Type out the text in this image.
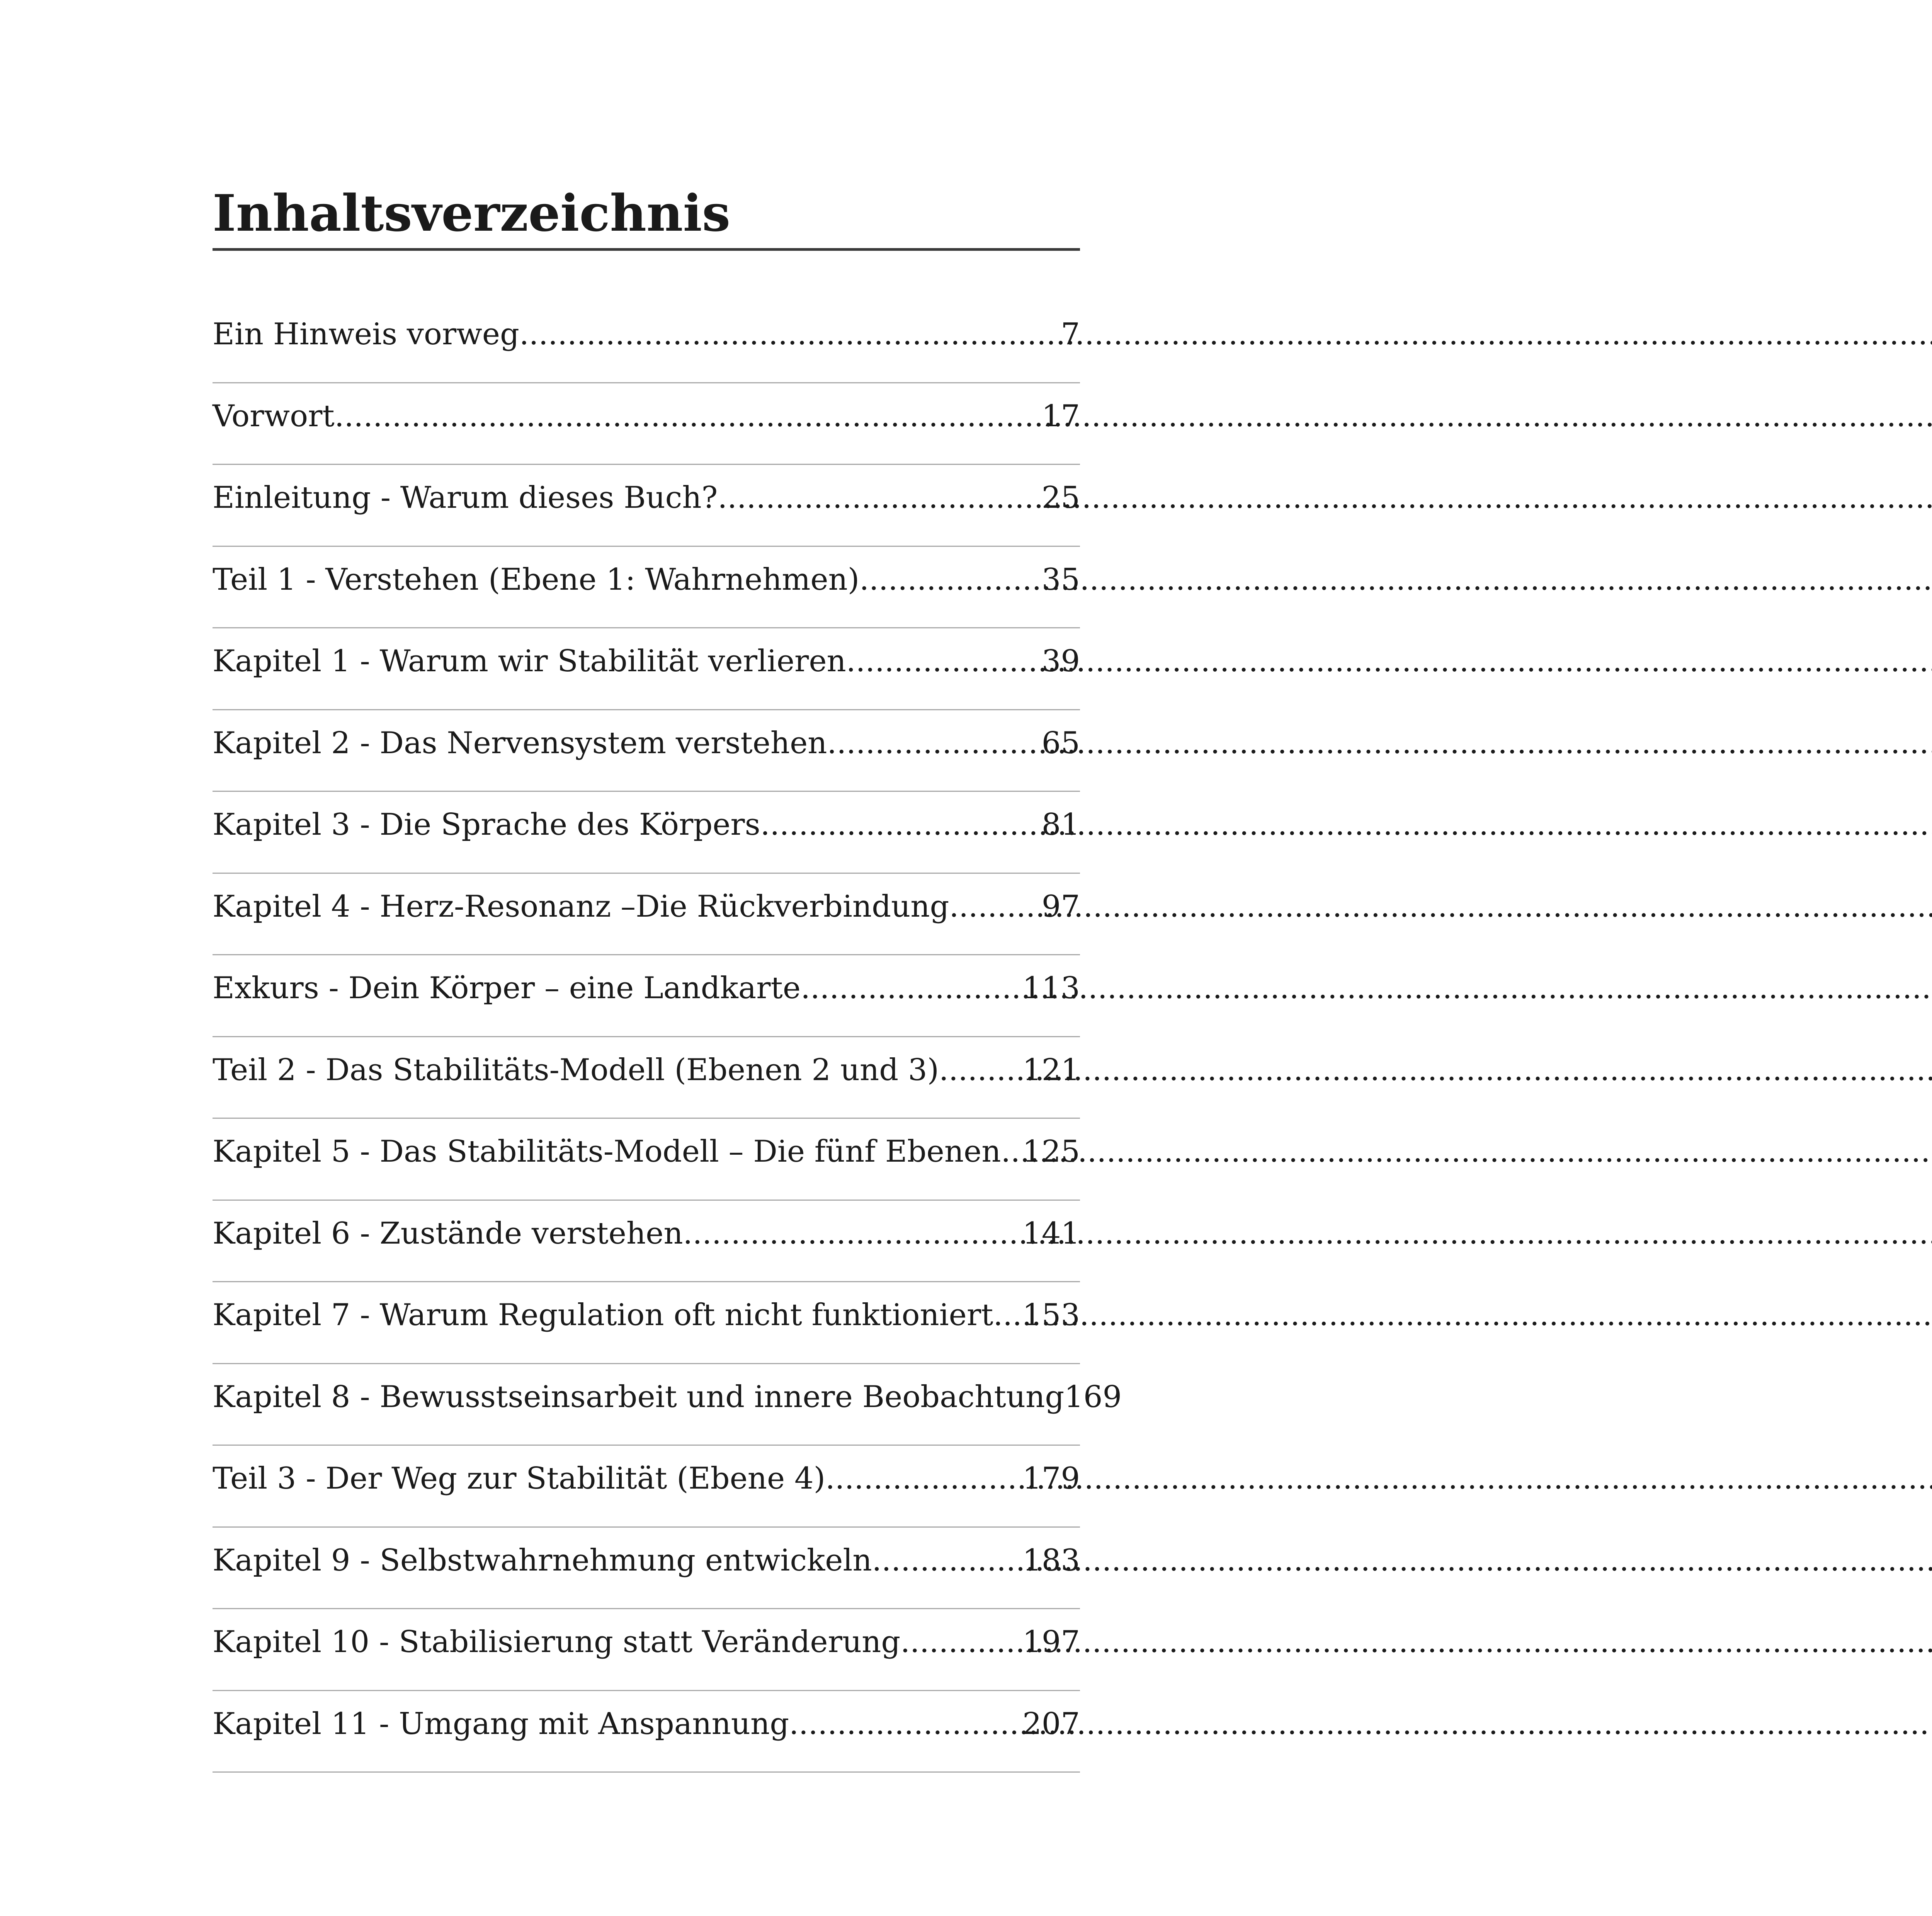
Inhaltsverzeichnis
Ein Hinweis vorweg .....	7
Vorwort .....	17
Einleitung - Warum dieses Buch? .....	25
Teil 1 - Verstehen (Ebene 1: Wahrnehmen) .....	35
Kapitel 1 - Warum wir Stabilität verlieren .....	39
Kapitel 2 - Das Nervensystem verstehen .....	65
Kapitel 3 - Die Sprache des Körpers .....	81
Kapitel 4 - Herz-Resonanz –Die Rückverbindung .....	97
Exkurs - Dein Körper – eine Landkarte .....	113
Teil 2 - Das Stabilitäts-Modell (Ebenen 2 und 3) .....	121
Kapitel 5 - Das Stabilitäts-Modell – Die fünf Ebenen ..... 125
Kapitel 6 - Zustände verstehen .....	141
Kapitel 7 - Warum Regulation oft nicht funktioniert ..... 153
Kapitel 8 - Bewusstseinsarbeit und innere Beobachtung 169
Teil 3 - Der Weg zur Stabilität (Ebene 4) .....	179
Kapitel 9 - Selbstwahrnehmung entwickeln .....	183
Kapitel 10 - Stabilisierung statt Veränderung .....	197
Kapitel 11 - Umgang mit Anspannung .....	207
